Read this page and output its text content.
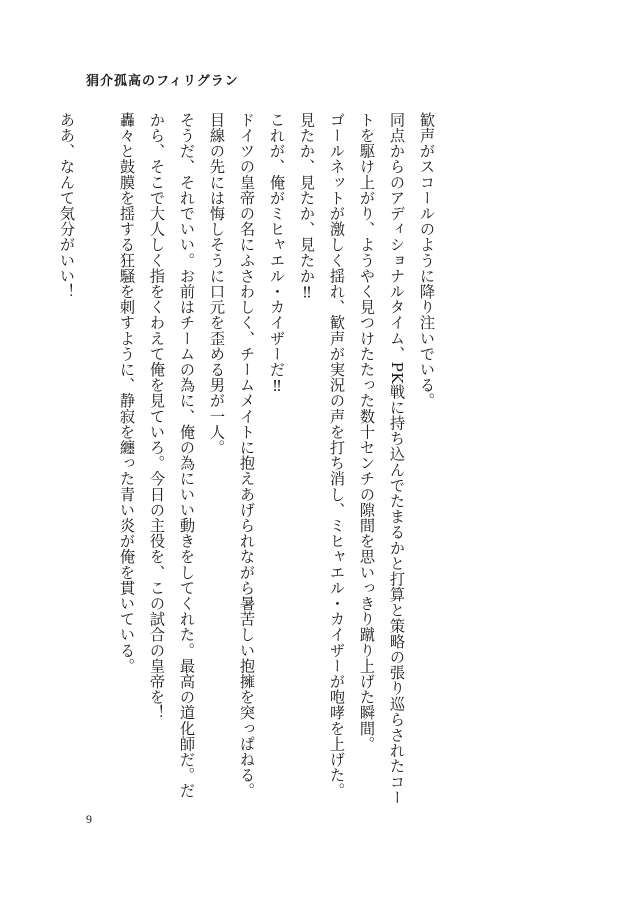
狷介孤高のフィリグラン

歓声がスコールのように降り注いでいる。

同点からのアディショナルタイム、PK戦に持ち込んでたまるかと打算と策略の張り巡らされたコートを駆け上がり、ようやく見つけたたった数十センチの隙間を思いっきり蹴り上げた瞬間。

ゴールネットが激しく揺れ、歓声が実況の声を打ち消し、ミヒャエル・カイザーが咆哮を上げた。

見たか、見たか、見たか‼

これが、俺がミヒャエル・カイザーだ‼

ドイツの皇帝の名にふさわしく、チームメイトに抱えあげられながら暑苦しい抱擁を突っぱねる。

目線の先には悔しそうに口元を歪める男が一人。

そうだ、それでいい。お前はチームの為に、俺の為にいい動きをしてくれた。最高の道化師だ。だから、そこで大人しく指をくわえて俺を見ていろ。今日の主役を、この試合の皇帝を！

轟々と鼓膜を揺する狂騒を刺すように、静寂を纏った青い炎が俺を貫いている。

ああ、なんて気分がいい！

9
